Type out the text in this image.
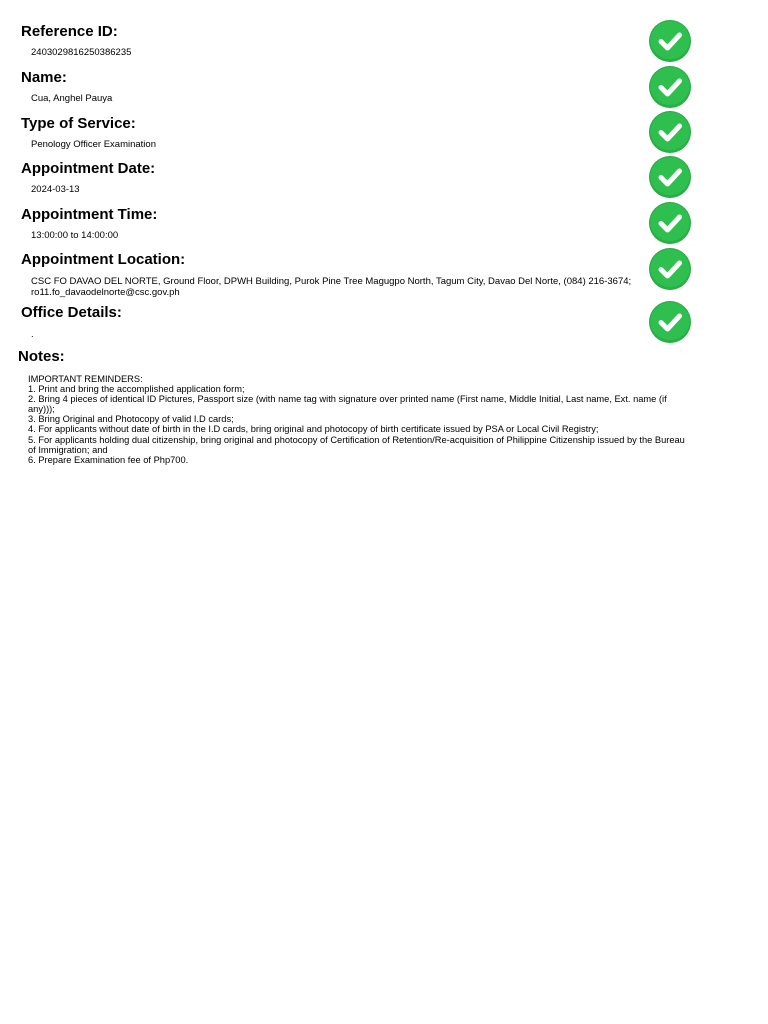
Reference ID:

2403029816250386235

Name:

Cua, Anghel Pauya

Type of Service:

Penology Officer Examination

Appointment Date:

2024-03-13

Appointment Time:

13:00:00 to 14:00:00

Appointment Location:

CSC FO DAVAO DEL NORTE, Ground Floor, DPWH Building, Purok Pine Tree Magugpo North, Tagum City, Davao Del Norte, (084) 216-3674; ro11.fo_davaodelnorte@csc.gov.ph

Office Details:

.

Notes:

IMPORTANT REMINDERS:
1. Print and bring the accomplished application form;
2. Bring 4 pieces of identical ID Pictures, Passport size (with name tag with signature over printed name (First name, Middle Initial, Last name, Ext. name (if any)));
3. Bring Original and Photocopy of valid I.D cards;
4. For applicants without date of birth in the I.D cards, bring original and photocopy of birth certificate issued by PSA or Local Civil Registry;
5. For applicants holding dual citizenship, bring original and photocopy of Certification of Retention/Re-acquisition of Philippine Citizenship issued by the Bureau of Immigration; and
6. Prepare Examination fee of Php700.
